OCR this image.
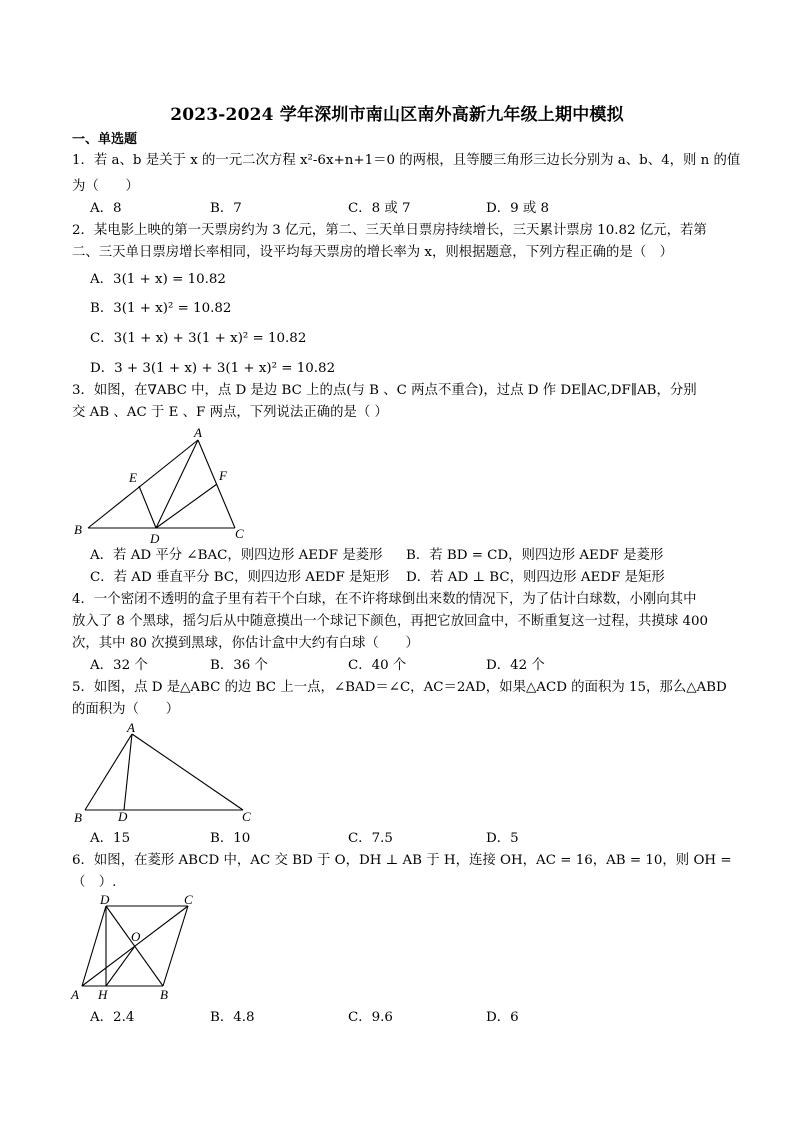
2023-2024 学年深圳市南山区南外高新九年级上期中模拟
一、单选题
1．若 a、b 是关于 x 的一元二次方程 x²-6x+n+1＝0 的两根，且等腰三角形三边长分别为 a、b、4，则 n 的值
为（　　）
A．8	B．7	C．8 或 7	D．9 或 8
2．某电影上映的第一天票房约为 3 亿元，第二、三天单日票房持续增长，三天累计票房 10.82 亿元，若第
二、三天单日票房增长率相同，设平均每天票房的增长率为 x，则根据题意，下列方程正确的是（　）
A．3(1 + x) = 10.82
B．3(1 + x)² = 10.82
C．3(1 + x) + 3(1 + x)² = 10.82
D．3 + 3(1 + x) + 3(1 + x)² = 10.82
3．如图，在∇ABC 中，点 D 是边 BC 上的点(与 B 、C 两点不重合)，过点 D 作 DE∥AC,DF∥AB，分别
交 AB 、AC 于 E 、F 两点，下列说法正确的是（ ）
A
E	F
B
D	C
A．若 AD 平分 ∠BAC，则四边形 AEDF 是菱形 B．若 BD = CD，则四边形 AEDF 是菱形
C．若 AD 垂直平分 BC，则四边形 AEDF 是矩形 D．若 AD ⊥ BC，则四边形 AEDF 是矩形
4．一个密闭不透明的盒子里有若干个白球，在不许将球倒出来数的情况下，为了估计白球数，小刚向其中
放入了 8 个黑球，摇匀后从中随意摸出一个球记下颜色，再把它放回盒中，不断重复这一过程，共摸球 400
次，其中 80 次摸到黑球，你估计盒中大约有白球（　　）
A．32 个	B．36 个	C．40 个	D．42 个
5．如图，点 D 是△ABC 的边 BC 上一点，∠BAD＝∠C，AC＝2AD，如果△ACD 的面积为 15，那么△ABD
的面积为（　　）
A
B	D	C
A．15	B．10	C．7.5	D．5
6．如图，在菱形 ABCD 中，AC 交 BD 于 O，DH ⊥ AB 于 H，连接 OH，AC = 16，AB = 10，则 OH =
（　）.
D	C
O
A H	B
A．2.4	B．4.8	C．9.6	D．6
